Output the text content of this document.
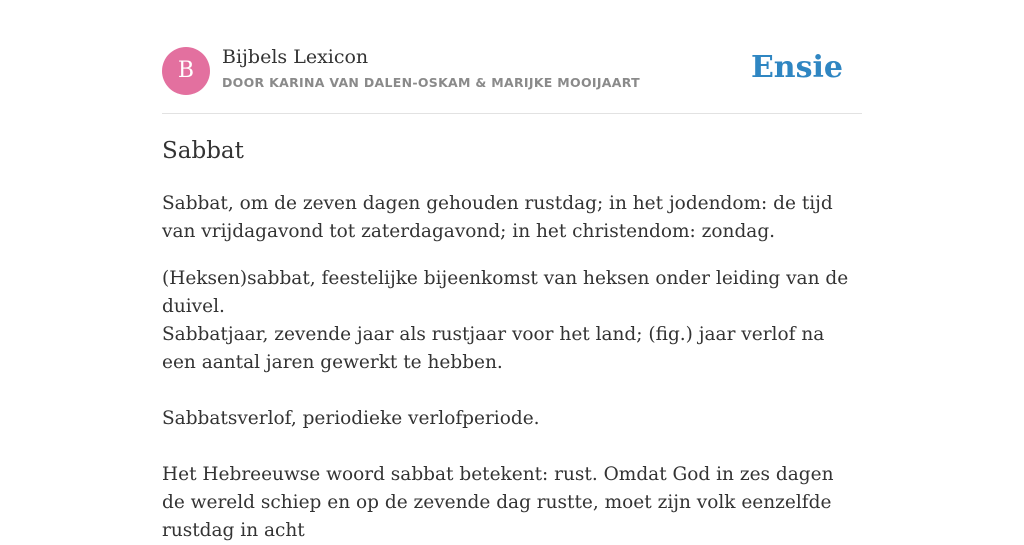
B
Bijbels Lexicon
DOOR KARINA VAN DALEN-OSKAM & MARIJKE MOOIJAART	Ensie
Sabbat

Sabbat, om de zeven dagen gehouden rustdag; in het jodendom: de tijd van vrijdagavond tot zaterdagavond; in het christendom: zondag.

(Heksen)sabbat, feestelijke bijeenkomst van heksen onder leiding van de duivel.

Sabbatjaar, zevende jaar als rustjaar voor het land; (fig.) jaar verlof na een aantal jaren gewerkt te hebben.

Sabbatsverlof, periodieke verlofperiode.

Het Hebreeuwse woord sabbat betekent: rust. Omdat God in zes dagen de wereld schiep en op de zevende dag rustte, moet zijn volk eenzelfde rustdag in acht
